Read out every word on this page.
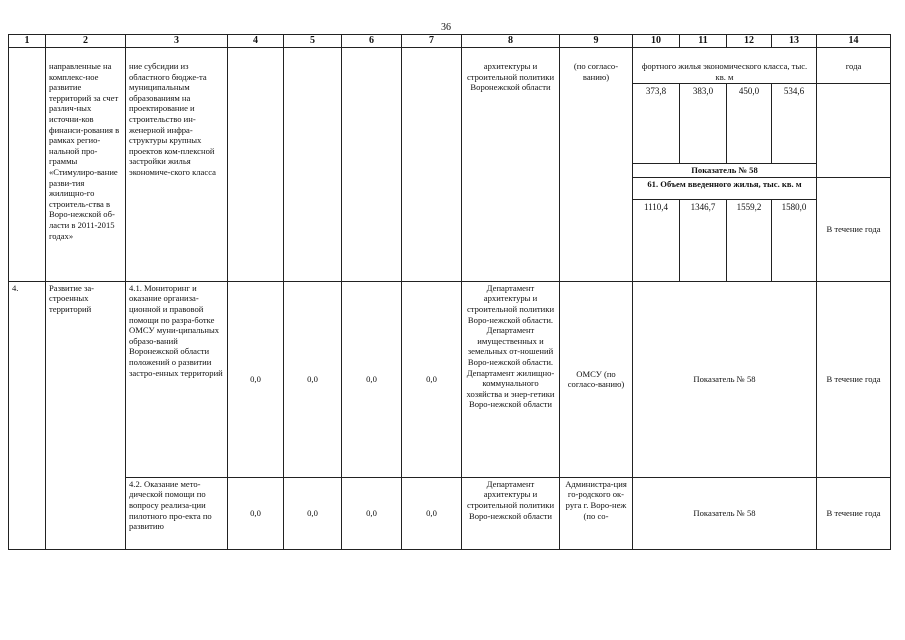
36
1	2	3	4	5	6	7	8	9	10	11	12	13	14

	направленные на комплекс-ное развитие территорий за счет различ-ных источни-ков финанси-рования в рамках регио-нальной про-граммы «Стимулиро-вание разви-тия жилищно-го строитель-ства в Воро-нежской об-ласти в 2011-2015 годах»	ние субсидии из областного бюдже-та муниципальным образованиям на проектирование и строительство ин-женерной инфра-структуры крупных проектов ком-плексной застройки жилья экономиче-ского класса					архитектуры и строительной политики Воронежской области	(по согласо-ванию)	фортного жилья экономического класса, тыс. кв. м				года
									373,8	383,0	450,0	534,6	
									Показатель № 58				
									61. Объем введенного жилья, тыс. кв. м				В течение года
									1110,4	1346,7	1559,2	1580,0	
4.	Развитие за-строенных территорий	4.1. Мониторинг и оказание организа-ционной и правовой помощи по разра-ботке ОМСУ муни-ципальных образо-ваний Воронежской области положений о развитии застро-енных территорий	0,0	0,0	0,0	0,0	Департамент архитектуры и строительной политики Воро-нежской области. Департамент имущественных и земельных от-ношений Воро-нежской области. Департамент жилищно-коммунального хозяйства и энер-гетики Воро-нежской области	ОМСУ (по согласо-ванию)	Показатель № 58				В течение года
		4.2. Оказание мето-дической помощи по вопросу реализа-ции пилотного про-екта по развитию	0,0	0,0	0,0	0,0	Департамент архитектуры и строительной политики Воро-нежской области	Администра-ция го-родского ок-руга г. Воро-неж (по со-	Показатель № 58				В течение года
